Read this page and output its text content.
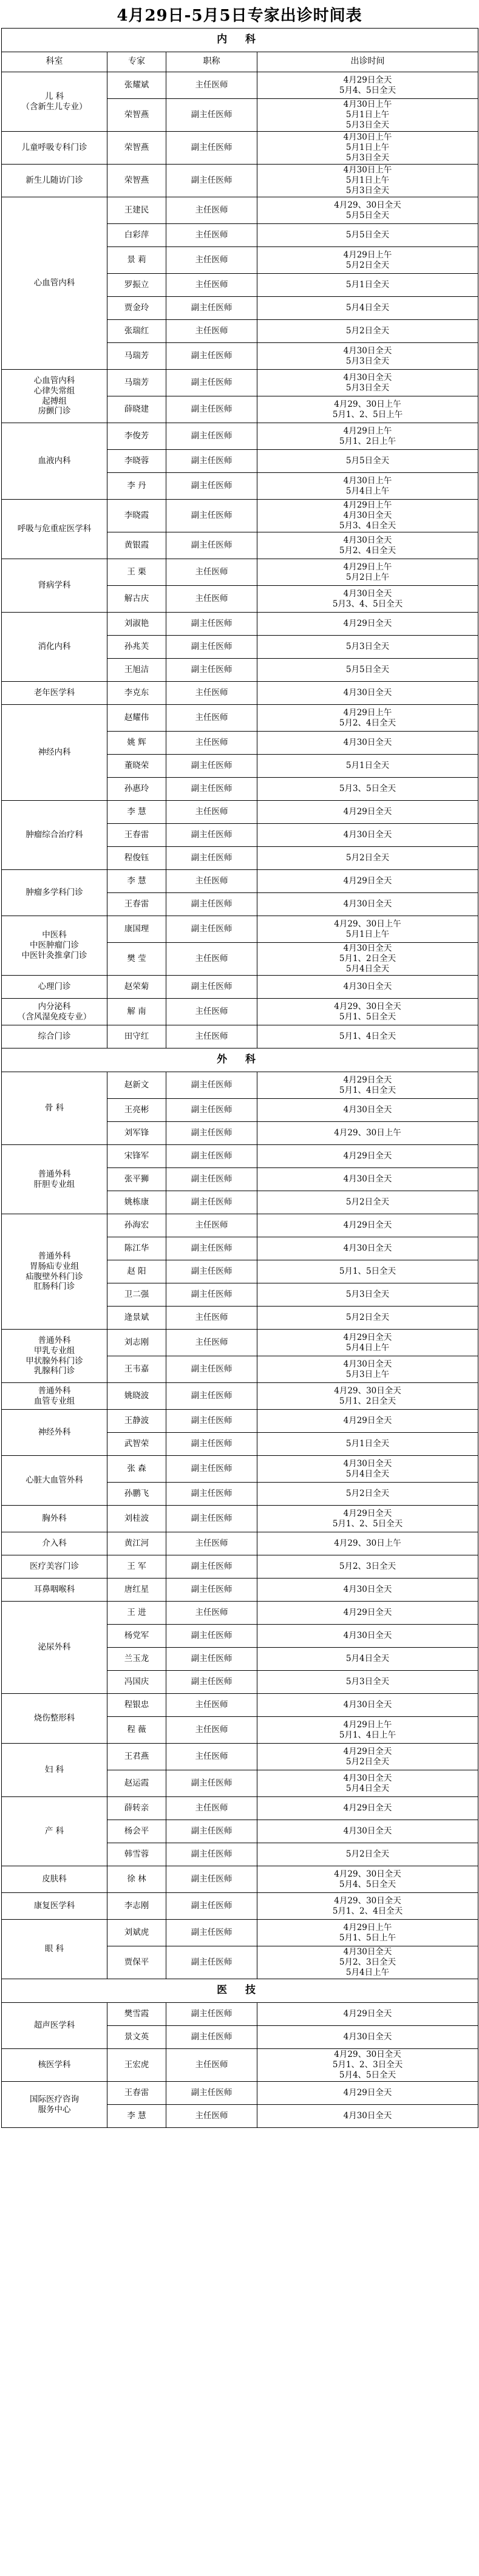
4月29日-5月5日专家出诊时间表
内 科			
科室	专家	职称	出诊时间
儿 科
（含新生儿专业）	张耀斌	主任医师	4月29日全天
5月4、5日全天
	荣智燕	副主任医师	4月30日上午
5月1日上午
5月3日全天
儿童呼吸专科门诊	荣智燕	副主任医师	4月30日上午
5月1日上午
5月3日全天
新生儿随访门诊	荣智燕	副主任医师	4月30日上午
5月1日上午
5月3日全天
心血管内科	王建民	主任医师	4月29、30日全天
5月5日全天
	白彩萍	主任医师	5月5日全天
	景 莉	主任医师	4月29日上午
5月2日全天
	罗振立	主任医师	5月1日全天
	贾金玲	副主任医师	5月4日全天
	张瑞红	主任医师	5月2日全天
	马瑞芳	副主任医师	4月30日全天
5月3日全天
心血管内科
心律失常组
起搏组
房颤门诊	马瑞芳	副主任医师	4月30日全天
5月3日全天
	薛晓建	副主任医师	4月29、30日上午
5月1、2、5日上午
血液内科	李俊芳	副主任医师	4月29日上午
5月1、2日上午
	李晓蓉	副主任医师	5月5日全天
	李 丹	副主任医师	4月30日上午
5月4日上午
呼吸与危重症医学科	李晓霞	副主任医师	4月29日上午
4月30日全天
5月3、4日全天
	黄银霞	副主任医师	4月30日全天
5月2、4日全天
肾病学科	王 栗	主任医师	4月29日上午
5月2日上午
	解古庆	主任医师	4月30日全天
5月3、4、5日全天
消化内科	刘淑艳	副主任医师	4月29日全天
	孙兆芙	副主任医师	5月3日全天
	王旭洁	副主任医师	5月5日全天
老年医学科	李克东	主任医师	4月30日全天
神经内科	赵耀伟	主任医师	4月29日上午
5月2、4日全天
	姚 辉	主任医师	4月30日全天
	董晓荣	副主任医师	5月1日全天
	孙惠玲	副主任医师	5月3、5日全天
肿瘤综合治疗科	李 慧	主任医师	4月29日全天
	王春雷	副主任医师	4月30日全天
	程俊钰	副主任医师	5月2日全天
肿瘤多学科门诊	李 慧	主任医师	4月29日全天
	王春雷	副主任医师	4月30日全天
中医科
中医肿瘤门诊
中医针灸推拿门诊	康国理	副主任医师	4月29、30日上午
5月1日上午
	樊 莹	主任医师	4月30日全天
5月1、2日全天
5月4日全天
心理门诊	赵荣菊	副主任医师	4月30日全天
内分泌科
（含风湿免疫专业）	解 南	主任医师	4月29、30日全天
5月1、5日全天
综合门诊	田守红	主任医师	5月1、4日全天
外 科			
骨 科	赵新文	副主任医师	4月29日全天
5月1、4日全天
	王亮彬	副主任医师	4月30日全天
	刘军锋	副主任医师	4月29、30日上午
普通外科
肝胆专业组	宋锋军	副主任医师	4月29日全天
	张平狮	副主任医师	4月30日全天
	姚栋康	副主任医师	5月2日全天
普通外科
胃肠疝专业组
疝腹壁外科门诊
肛肠科门诊	孙海宏	主任医师	4月29日全天
	陈江华	副主任医师	4月30日全天
	赵 阳	副主任医师	5月1、5日全天
	卫二强	副主任医师	5月3日全天
	逄景斌	主任医师	5月2日全天
普通外科
甲乳专业组
甲状腺外科门诊
乳腺科门诊	刘志刚	主任医师	4月29日全天
5月4日上午
	王韦嘉	副主任医师	4月30日全天
5月3日上午
普通外科
血管专业组	姚晓波	副主任医师	4月29、30日全天
5月1、2日全天
神经外科	王静波	副主任医师	4月29日全天
	武智荣	副主任医师	5月1日全天
心脏大血管外科	张 森	副主任医师	4月30日全天
5月4日全天
	孙鹏飞	副主任医师	5月2日全天
胸外科	刘桂波	副主任医师	4月29日全天
5月1、2、5日全天
介入科	黄江河	主任医师	4月29、30日上午
医疗美容门诊	王 军	副主任医师	5月2、3日全天
耳鼻咽喉科	唐红星	副主任医师	4月30日全天
泌尿外科	王 进	主任医师	4月29日全天
	杨党军	副主任医师	4月30日全天
	兰玉龙	副主任医师	5月4日全天
	冯国庆	副主任医师	5月3日全天
烧伤整形科	程银忠	主任医师	4月30日全天
	程 薇	主任医师	4月29日上午
5月1、4日上午
妇 科	王君燕	主任医师	4月29日全天
5月2日全天
	赵运霞	副主任医师	4月30日全天
5月4日全天
产 科	薛转亲	主任医师	4月29日全天
	杨会平	副主任医师	4月30日全天
	韩雪蓉	副主任医师	5月2日全天
皮肤科	徐 林	副主任医师	4月29、30日全天
5月4、5日全天
康复医学科	李志刚	副主任医师	4月29、30日全天
5月1、2、4日全天
眼 科	刘斌虎	副主任医师	4月29日上午
5月1、5日上午
	贾保平	副主任医师	4月30日全天
5月2、3日全天
5月4日上午
医 技			
超声医学科	樊雪霞	副主任医师	4月29日全天
	景文英	副主任医师	4月30日全天
核医学科	王宏虎	主任医师	4月29、30日全天
5月1、2、3日全天
5月4、5日全天
国际医疗咨询
服务中心	王春雷	副主任医师	4月29日全天
	李 慧	主任医师	4月30日全天
